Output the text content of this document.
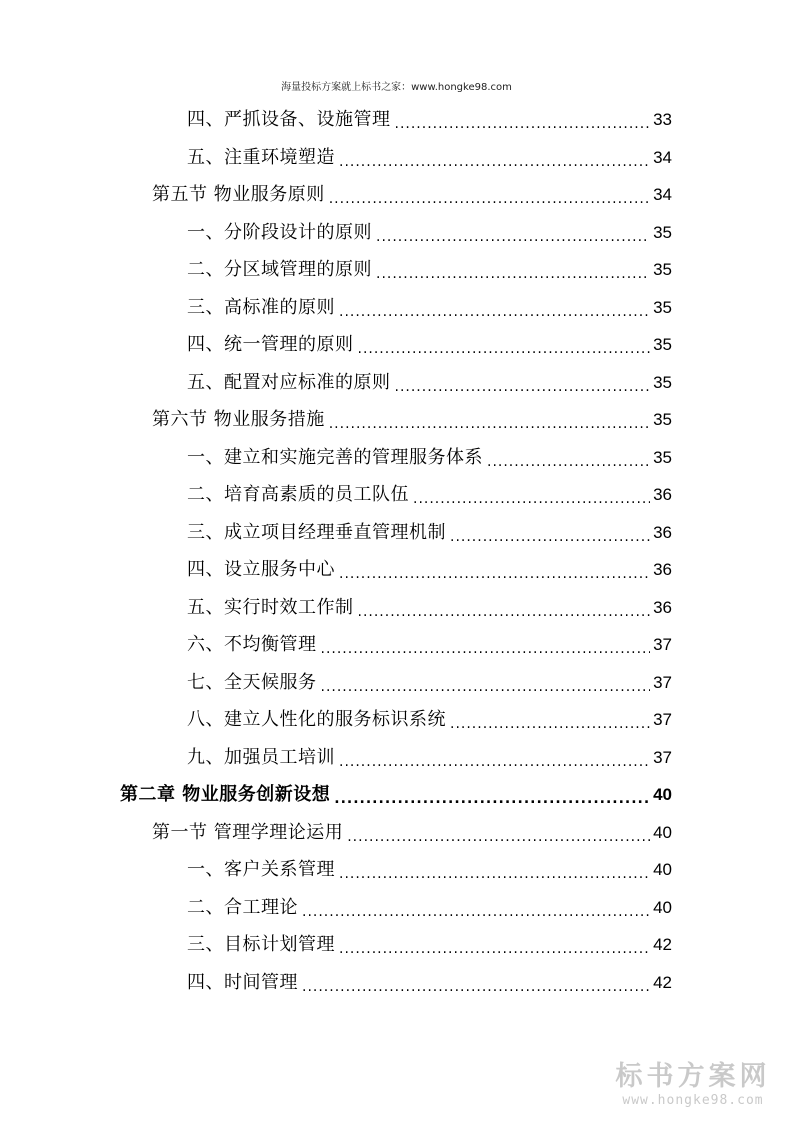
海量投标方案就上标书之家：www.hongke98.com
四、严抓设备、设施管理 .....	33
五、注重环境塑造 .....	34
第五节 物业服务原则 .....	34
一、分阶段设计的原则 .....	35
二、分区域管理的原则 .....	35
三、高标准的原则 .....	35
四、统一管理的原则 .....	35
五、配置对应标准的原则 .....	35
第六节 物业服务措施 .....	35
一、建立和实施完善的管理服务体系 .....	35
二、培育高素质的员工队伍 .....	36
三、成立项目经理垂直管理机制 .....	36
四、设立服务中心 .....	36
五、实行时效工作制 .....	36
六、不均衡管理 .....	37
七、全天候服务 .....	37
八、建立人性化的服务标识系统 .....	37
九、加强员工培训 .....	37
第二章 物业服务创新设想 .....	40
第一节 管理学理论运用 .....	40
一、客户关系管理 .....	40
二、合工理论 .....	40
三、目标计划管理 .....	42
四、时间管理 .....	42
标书方案网
www.hongke98.com
